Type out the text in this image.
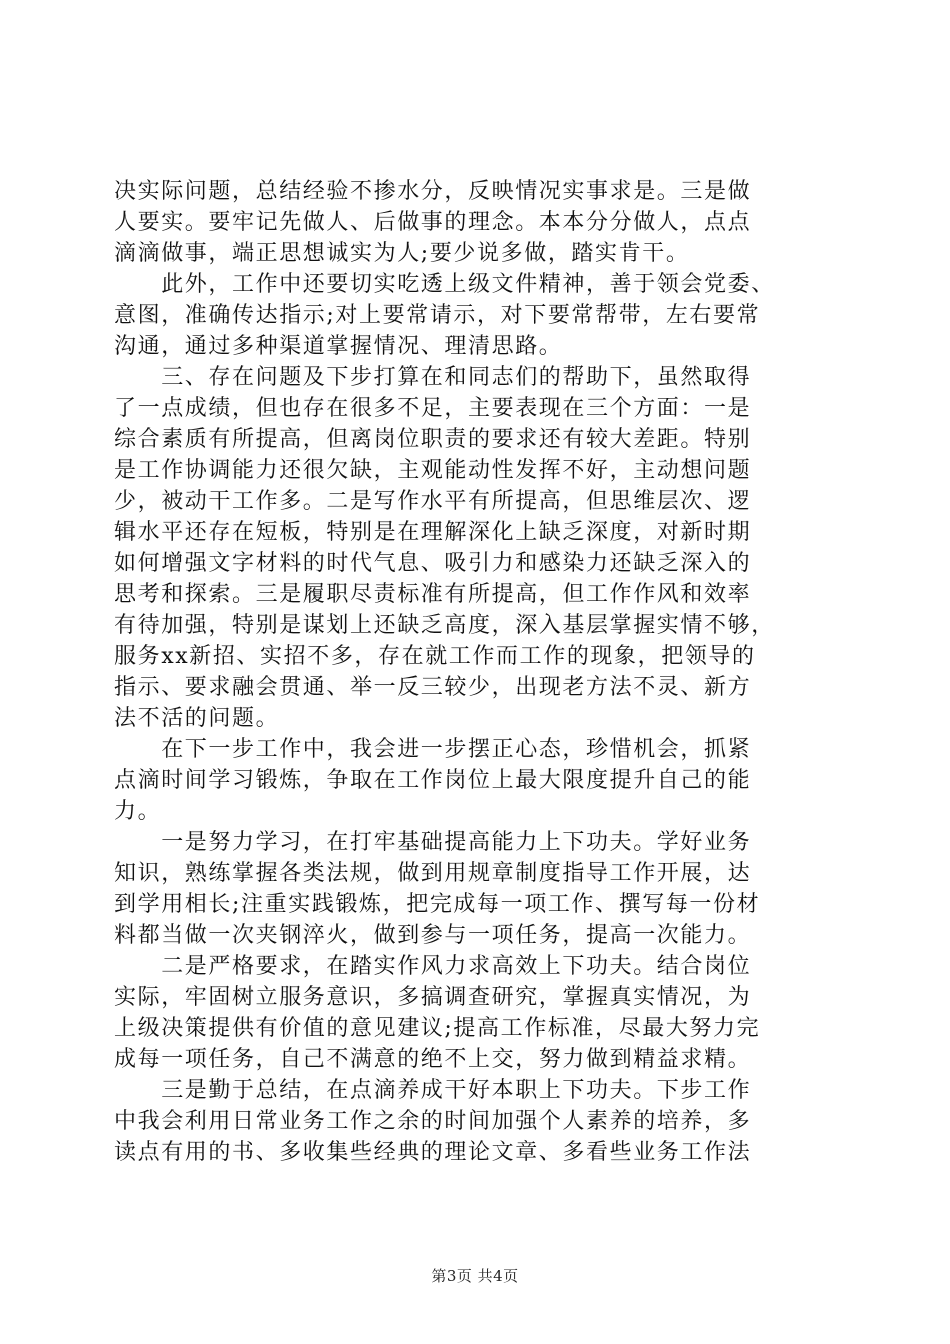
决实际问题，总结经验不掺水分，反映情况实事求是。三是做
人要实。要牢记先做人、后做事的理念。本本分分做人，点点
滴滴做事，端正思想诚实为人;要少说多做，踏实肯干。
　　此外，工作中还要切实吃透上级文件精神，善于领会党委、
意图，准确传达指示;对上要常请示，对下要常帮带，左右要常
沟通，通过多种渠道掌握情况、理清思路。
　　三、存在问题及下步打算在和同志们的帮助下，虽然取得
了一点成绩，但也存在很多不足，主要表现在三个方面：一是
综合素质有所提高，但离岗位职责的要求还有较大差距。特别
是工作协调能力还很欠缺，主观能动性发挥不好，主动想问题
少，被动干工作多。二是写作水平有所提高，但思维层次、逻
辑水平还存在短板，特别是在理解深化上缺乏深度，对新时期
如何增强文字材料的时代气息、吸引力和感染力还缺乏深入的
思考和探索。三是履职尽责标准有所提高，但工作作风和效率
有待加强，特别是谋划上还缺乏高度，深入基层掌握实情不够，
服务xx新招、实招不多，存在就工作而工作的现象，把领导的
指示、要求融会贯通、举一反三较少，出现老方法不灵、新方
法不活的问题。
　　在下一步工作中，我会进一步摆正心态，珍惜机会，抓紧
点滴时间学习锻炼，争取在工作岗位上最大限度提升自己的能
力。
　　一是努力学习，在打牢基础提高能力上下功夫。学好业务
知识，熟练掌握各类法规，做到用规章制度指导工作开展，达
到学用相长;注重实践锻炼，把完成每一项工作、撰写每一份材
料都当做一次夹钢淬火，做到参与一项任务，提高一次能力。
　　二是严格要求，在踏实作风力求高效上下功夫。结合岗位
实际，牢固树立服务意识，多搞调查研究，掌握真实情况，为
上级决策提供有价值的意见建议;提高工作标准，尽最大努力完
成每一项任务，自己不满意的绝不上交，努力做到精益求精。
　　三是勤于总结，在点滴养成干好本职上下功夫。下步工作
中我会利用日常业务工作之余的时间加强个人素养的培养，多
读点有用的书、多收集些经典的理论文章、多看些业务工作法
第3页 共4页
